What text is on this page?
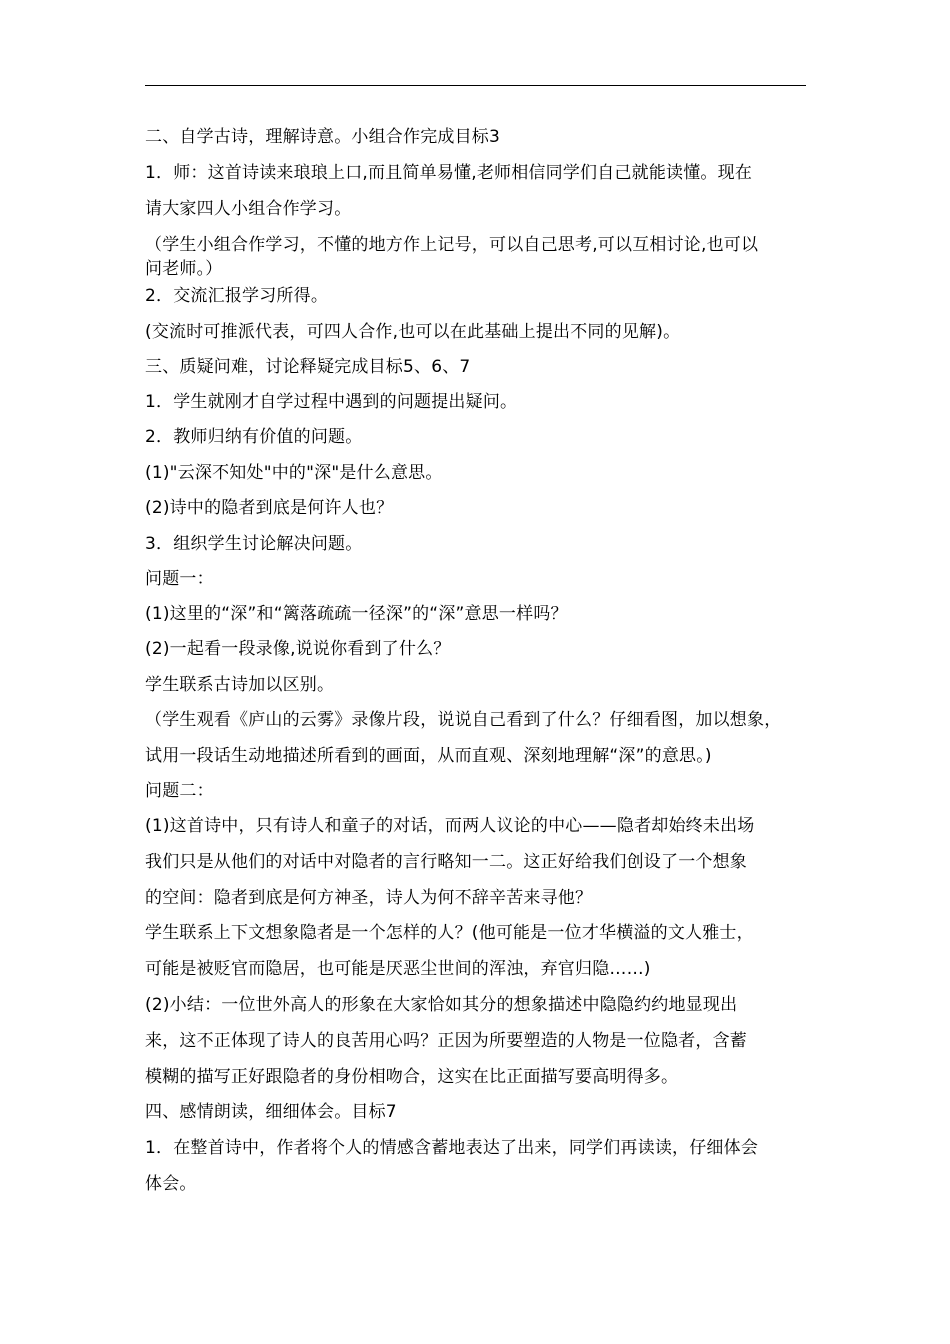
二、自学古诗，理解诗意。小组合作完成目标3
1．师：这首诗读来琅琅上口,而且简单易懂,老师相信同学们自己就能读懂。现在
请大家四人小组合作学习。
（学生小组合作学习，不懂的地方作上记号，可以自己思考,可以互相讨论,也可以
问老师。）
2．交流汇报学习所得。
(交流时可推派代表，可四人合作,也可以在此基础上提出不同的见解)。
三、质疑问难，讨论释疑完成目标5、6、7
1．学生就刚才自学过程中遇到的问题提出疑问。
2．教师归纳有价值的问题。
(1)"云深不知处"中的"深"是什么意思。
(2)诗中的隐者到底是何许人也？
3．组织学生讨论解决问题。
问题一：
(1)这里的“深”和“篱落疏疏一径深”的“深”意思一样吗？
(2)一起看一段录像,说说你看到了什么？
学生联系古诗加以区别。
（学生观看《庐山的云雾》录像片段，说说自己看到了什么？仔细看图，加以想象，
试用一段话生动地描述所看到的画面，从而直观、深刻地理解“深”的意思。)
问题二：
(1)这首诗中，只有诗人和童子的对话，而两人议论的中心——隐者却始终未出场
我们只是从他们的对话中对隐者的言行略知一二。这正好给我们创设了一个想象
的空间：隐者到底是何方神圣，诗人为何不辞辛苦来寻他？
学生联系上下文想象隐者是一个怎样的人？(他可能是一位才华横溢的文人雅士，
可能是被贬官而隐居，也可能是厌恶尘世间的浑浊，弃官归隐……)
(2)小结：一位世外高人的形象在大家恰如其分的想象描述中隐隐约约地显现出
来，这不正体现了诗人的良苦用心吗？正因为所要塑造的人物是一位隐者，含蓄
模糊的描写正好跟隐者的身份相吻合，这实在比正面描写要高明得多。
四、感情朗读，细细体会。目标7
1．在整首诗中，作者将个人的情感含蓄地表达了出来，同学们再读读，仔细体会
体会。
